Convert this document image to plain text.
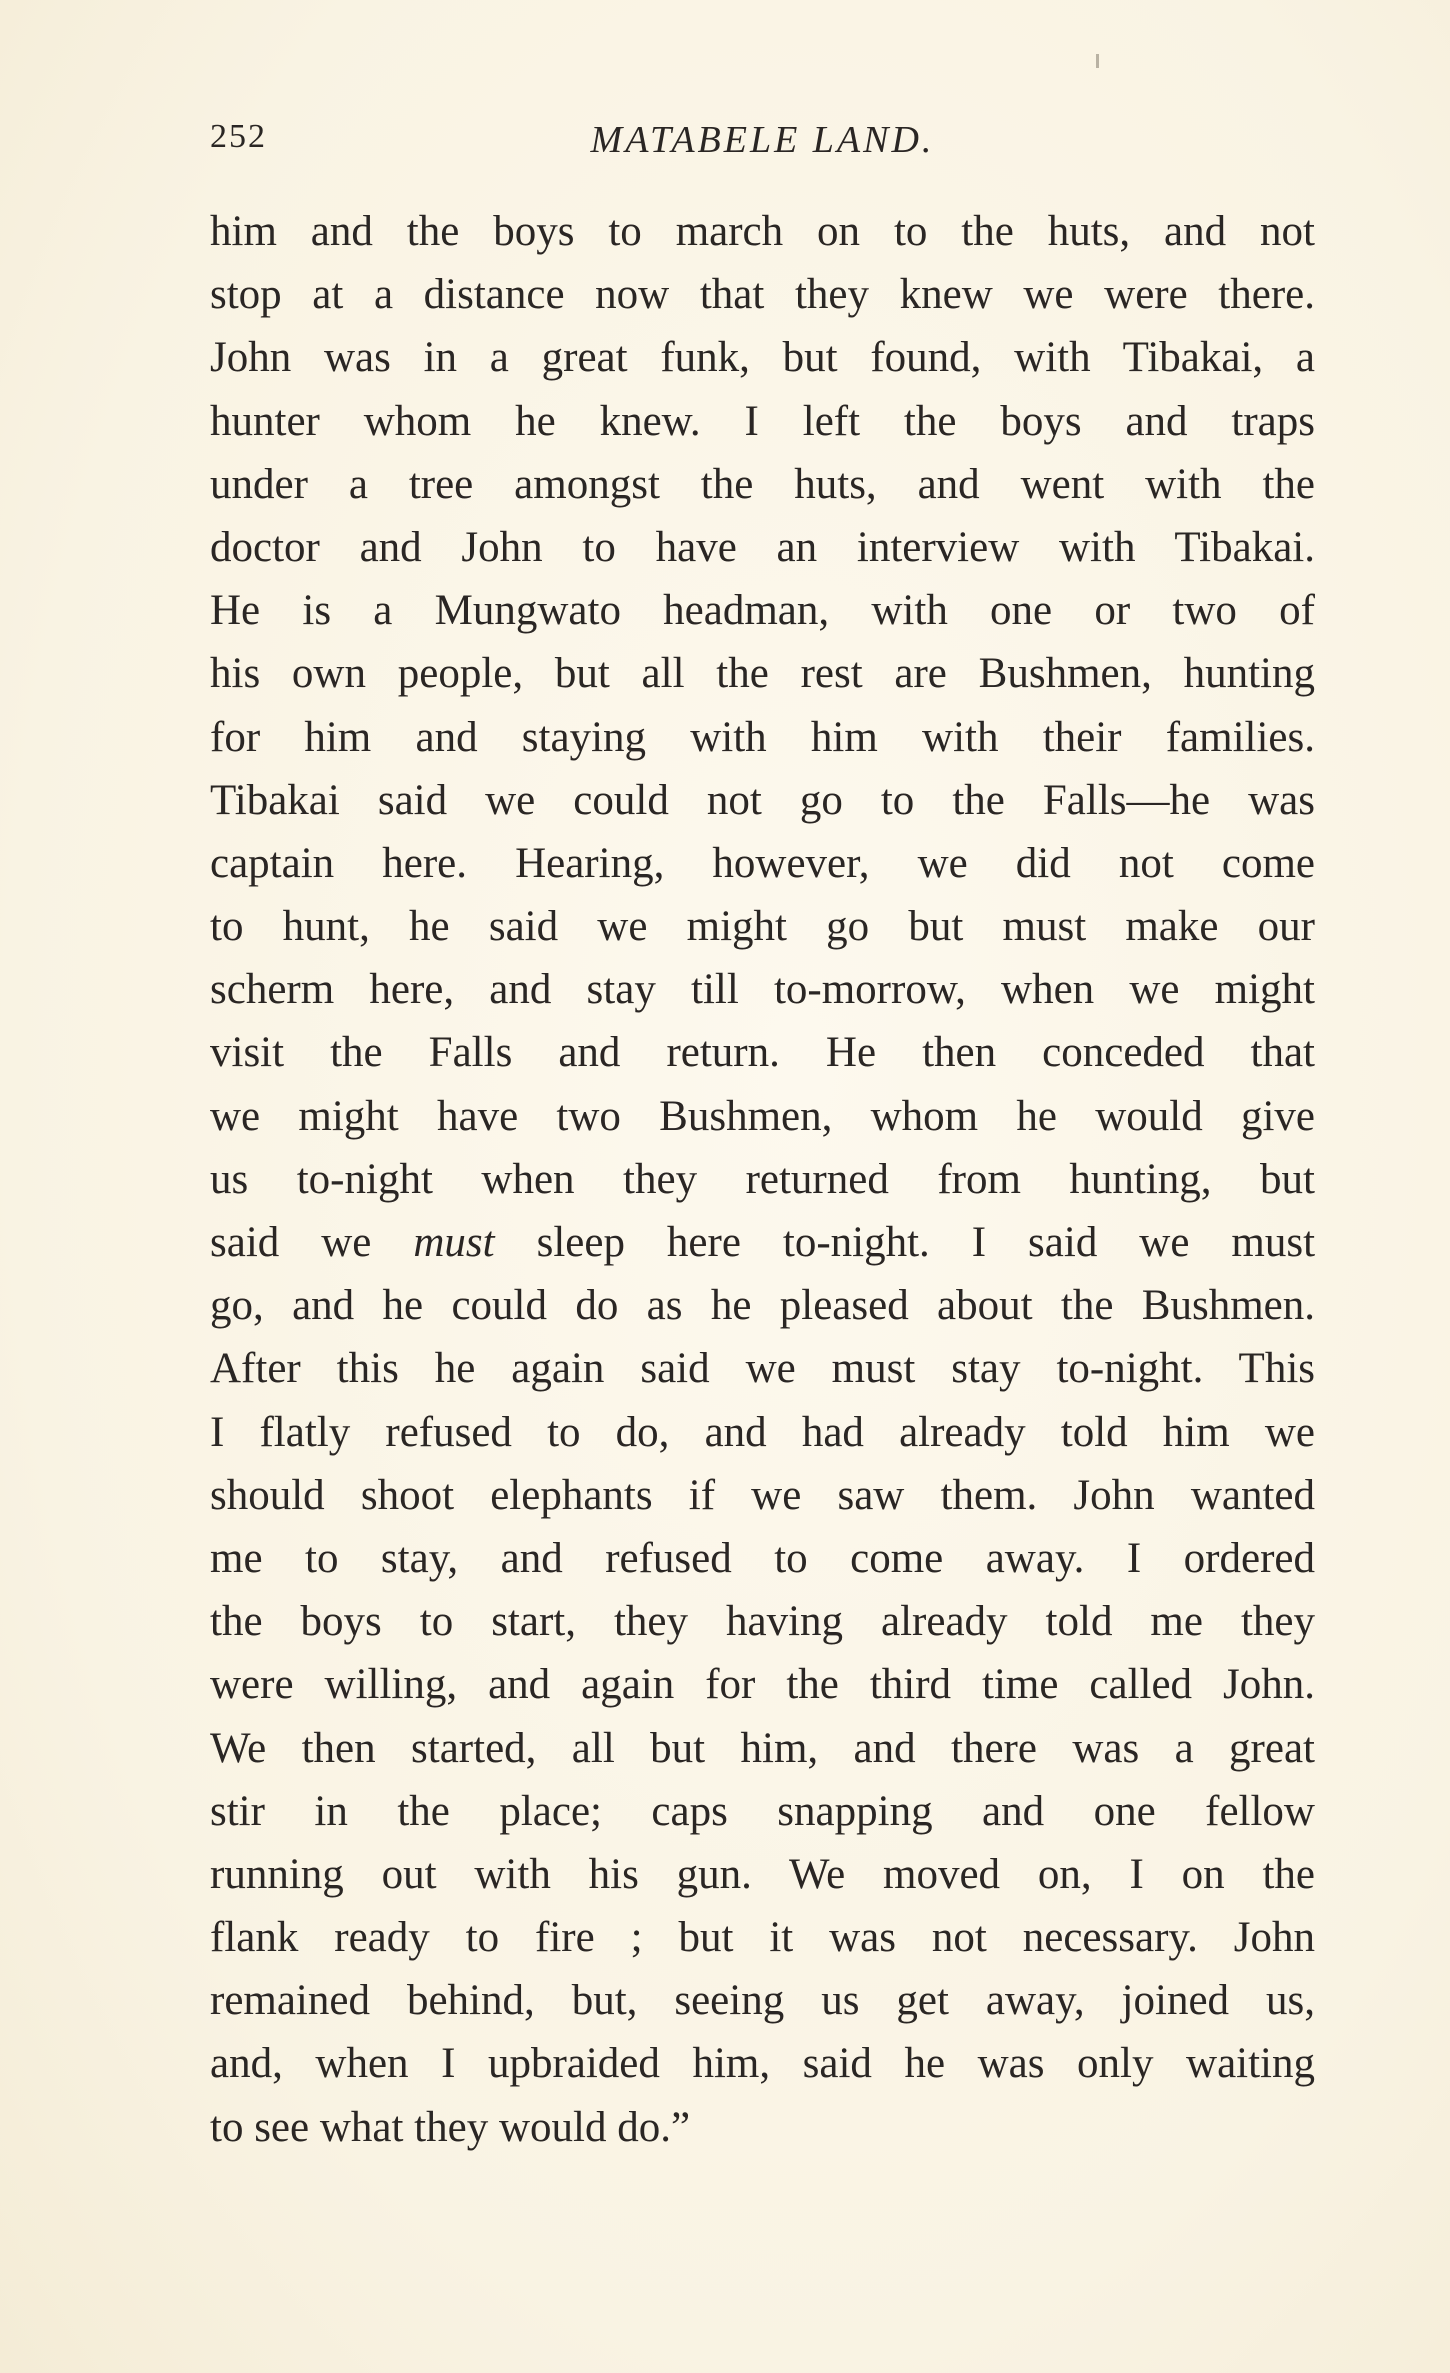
252	MATABELE LAND.
him and the boys to march on to the huts, and not
stop at a distance now that they knew we were there.
John was in a great funk, but found, with Tibakai, a
hunter whom he knew. I left the boys and traps
under a tree amongst the huts, and went with the
doctor and John to have an interview with Tibakai.
He is a Mungwato headman, with one or two of
his own people, but all the rest are Bushmen, hunting
for him and staying with him with their families.
Tibakai said we could not go to the Falls—he was
captain here. Hearing, however, we did not come
to hunt, he said we might go but must make our
scherm here, and stay till to-morrow, when we might
visit the Falls and return. He then conceded that
we might have two Bushmen, whom he would give
us to-night when they returned from hunting, but
said we must sleep here to-night. I said we must
go, and he could do as he pleased about the Bushmen.
After this he again said we must stay to-night. This
I flatly refused to do, and had already told him we
should shoot elephants if we saw them. John wanted
me to stay, and refused to come away. I ordered
the boys to start, they having already told me they
were willing, and again for the third time called John.
We then started, all but him, and there was a great
stir in the place; caps snapping and one fellow
running out with his gun. We moved on, I on the
flank ready to fire ; but it was not necessary. John
remained behind, but, seeing us get away, joined us,
and, when I upbraided him, said he was only waiting
to see what they would do.”
